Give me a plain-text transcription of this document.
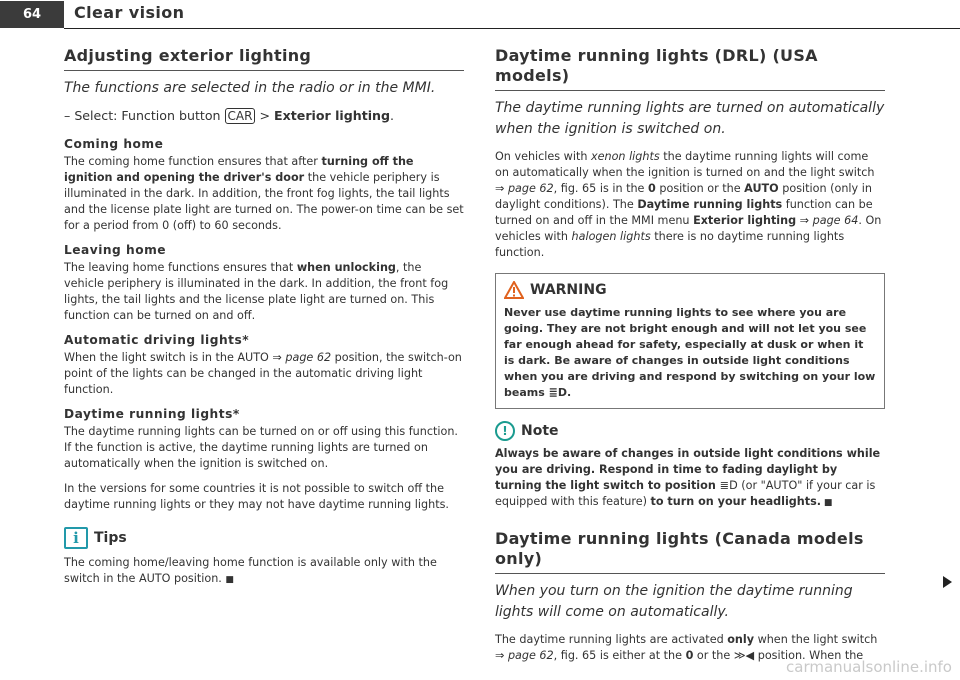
64	Clear vision
Adjusting exterior lighting
The functions are selected in the radio or in the MMI.
– Select: Function button CAR > Exterior lighting.
Coming home

The coming home function ensures that after turning off the ignition and opening the driver's door the vehicle periphery is illuminated in the dark. In addition, the front fog lights, the tail lights and the license plate light are turned on. The power-on time can be set for a period from 0 (off) to 60 seconds.

Leaving home

The leaving home functions ensures that when unlocking, the vehicle periphery is illuminated in the dark. In addition, the front fog lights, the tail lights and the license plate light are turned on. This function can be turned on and off.

Automatic driving lights*

When the light switch is in the AUTO ⇒ page 62 position, the switch-on point of the lights can be changed in the automatic driving light function.

Daytime running lights*

The daytime running lights can be turned on or off using this function. If the function is active, the daytime running lights are turned on automatically when the ignition is switched on.

In the versions for some countries it is not possible to switch off the daytime running lights or they may not have daytime running lights.

i	Tips

The coming home/leaving home function is available only with the switch in the AUTO position. ■

Daytime running lights (DRL) (USA models)
The daytime running lights are turned on automatically when the ignition is switched on.

On vehicles with xenon lights the daytime running lights will come on automatically when the ignition is turned on and the light switch ⇒ page 62, fig. 65 is in the 0 position or the AUTO position (only in daylight conditions). The Daytime running lights function can be turned on and off in the MMI menu Exterior lighting ⇒ page 64. On vehicles with halogen lights there is no daytime running lights function.

WARNING
Never use daytime running lights to see where you are going. They are not bright enough and will not let you see far enough ahead for safety, especially at dusk or when it is dark. Be aware of changes in outside light conditions when you are driving and respond by switching on your low beams ≣D.
! Note

Always be aware of changes in outside light conditions while you are driving. Respond in time to fading daylight by turning the light switch to position ≣D (or "AUTO" if your car is equipped with this feature) to turn on your headlights. ■

Daytime running lights (Canada models only)
When you turn on the ignition the daytime running lights will come on automatically.

The daytime running lights are activated only when the light switch ⇒ page 62, fig. 65 is either at the 0 or the ≫◀ position. When the

carmanualsonline.info
